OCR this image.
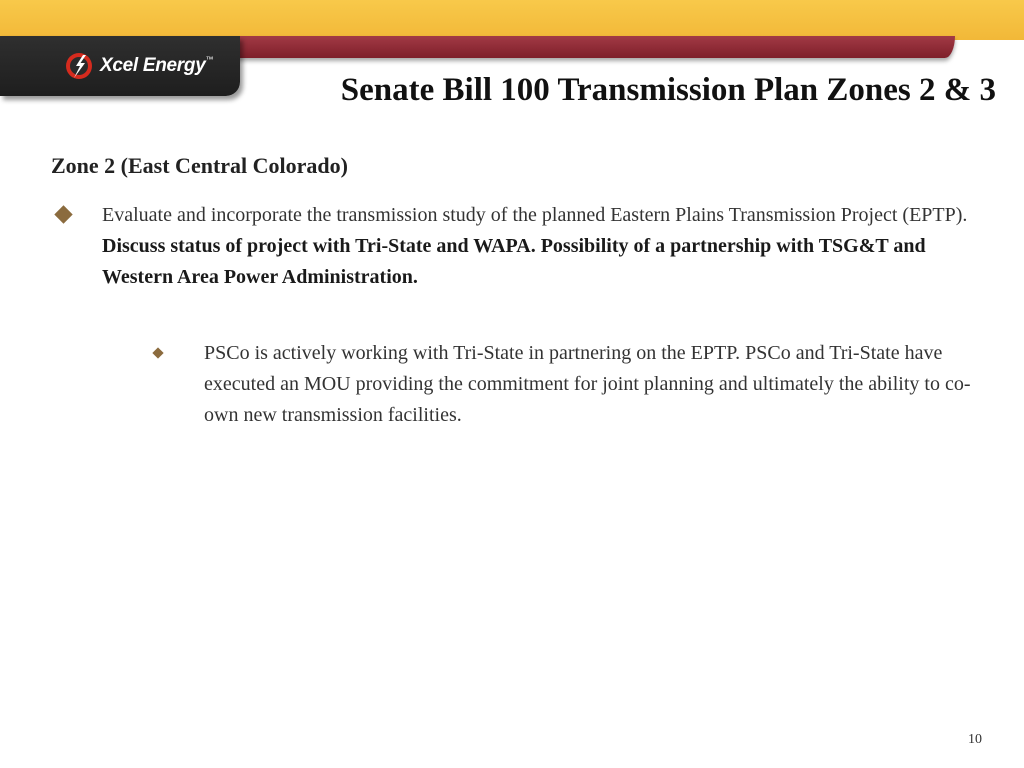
Xcel Energy™
Senate Bill 100 Transmission Plan Zones 2 & 3
Zone 2 (East Central Colorado)
Evaluate and incorporate the transmission study of the planned Eastern Plains Transmission Project (EPTP).  Discuss status of project with Tri-State and WAPA. Possibility of a partnership with TSG&T and Western Area Power Administration.
PSCo is actively working with Tri-State in partnering on the EPTP. PSCo and Tri-State have executed an MOU providing the commitment for joint planning and ultimately the ability to co-own new transmission facilities.
10
